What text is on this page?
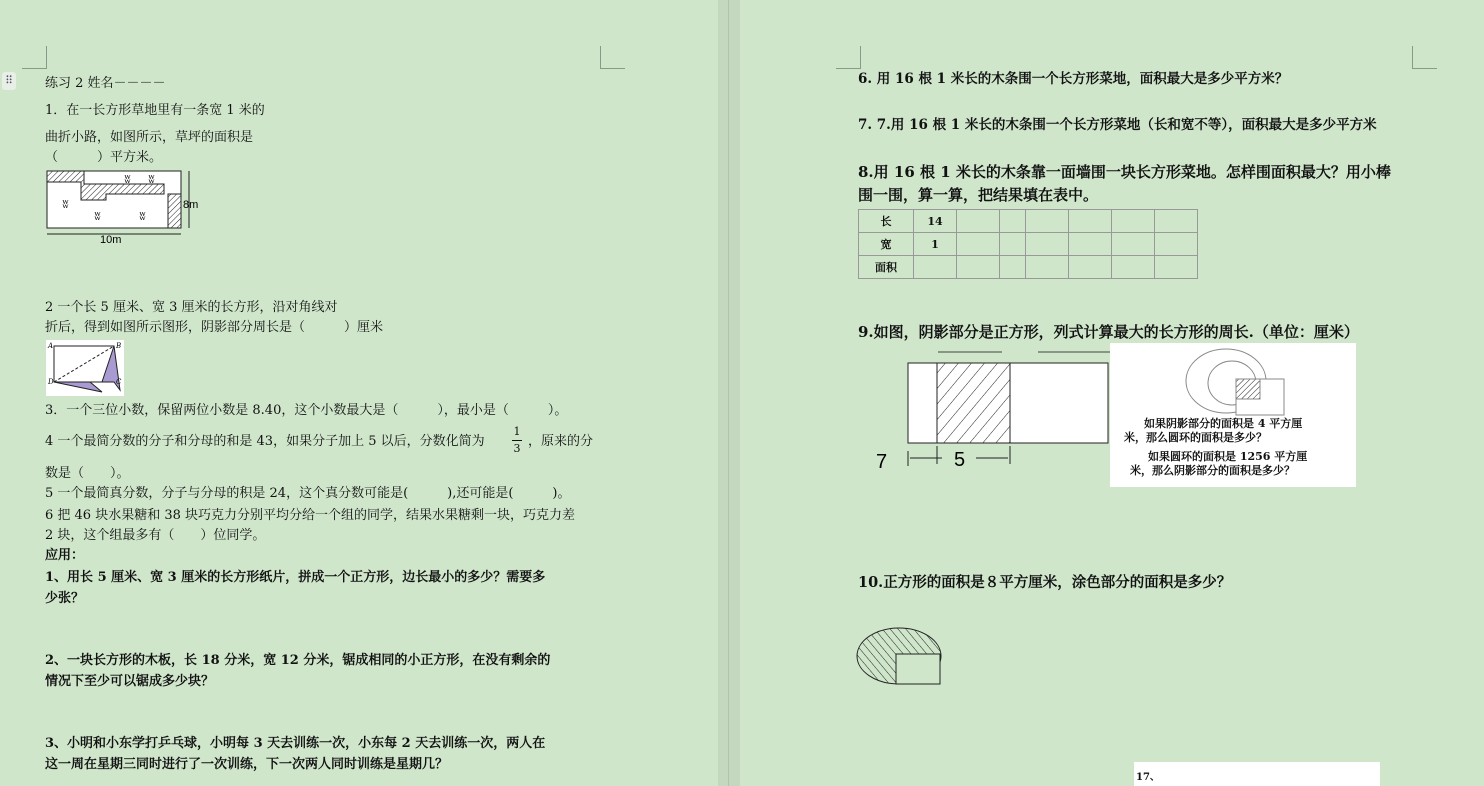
⠿ 练习 2 姓名－－－－
1．在一长方形草地里有一条宽 1 米的
曲折小路，如图所示，草坪的面积是
（　　　）平方米。
ʬ
ʬ	ʬ
ʬ ʬ
8m
10m
2 一个长 5 厘米、宽 3 厘米的长方形，沿对角线对
折后，得到如图所示图形，阴影部分周长是（　　　）厘米
A	B
C
D
3．一个三位小数，保留两位小数是 8.40，这个小数最大是（　　　），最小是（　　　）。
4 一个最简分数的分子和分母的和是 43，如果分子加上 5 以后，分数化简为
1
3 ，原来的分
数是（　　）。
5 一个最简真分数，分子与分母的积是 24，这个真分数可能是(　　　),还可能是(　　　)。
6 把 46 块水果糖和 38 块巧克力分别平均分给一个组的同学，结果水果糖剩一块，巧克力差
2 块，这个组最多有（　　）位同学。
应用：
1、用长 5 厘米、宽 3 厘米的长方形纸片，拼成一个正方形，边长最小的多少？需要多
少张？
2、一块长方形的木板，长 18 分米，宽 12 分米，锯成相同的小正方形，在没有剩余的
情况下至少可以锯成多少块？
3、小明和小东学打乒乓球，小明每 3 天去训练一次，小东每 2 天去训练一次，两人在
这一周在星期三同时进行了一次训练，下一次两人同时训练是星期几？
6. 用 16 根 1 米长的木条围一个长方形菜地，面积最大是多少平方米？
7. 7.用 16 根 1 米长的木条围一个长方形菜地（长和宽不等），面积最大是多少平方米
8.用 16 根 1 米长的木条靠一面墙围一块长方形菜地。怎样围面积最大？用小棒
围一围，算一算，把结果填在表中。
长	14						
宽	1						
面积							
9.如图，阴影部分是正方形，列式计算最大的长方形的周长.（单位：厘米）
7	5
如果阴影部分的面积是 4 平方厘
米，那么圆环的面积是多少？
如果圆环的面积是 1256 平方厘
米，那么阴影部分的面积是多少？
10.正方形的面积是８平方厘米，涂色部分的面积是多少？
17、
